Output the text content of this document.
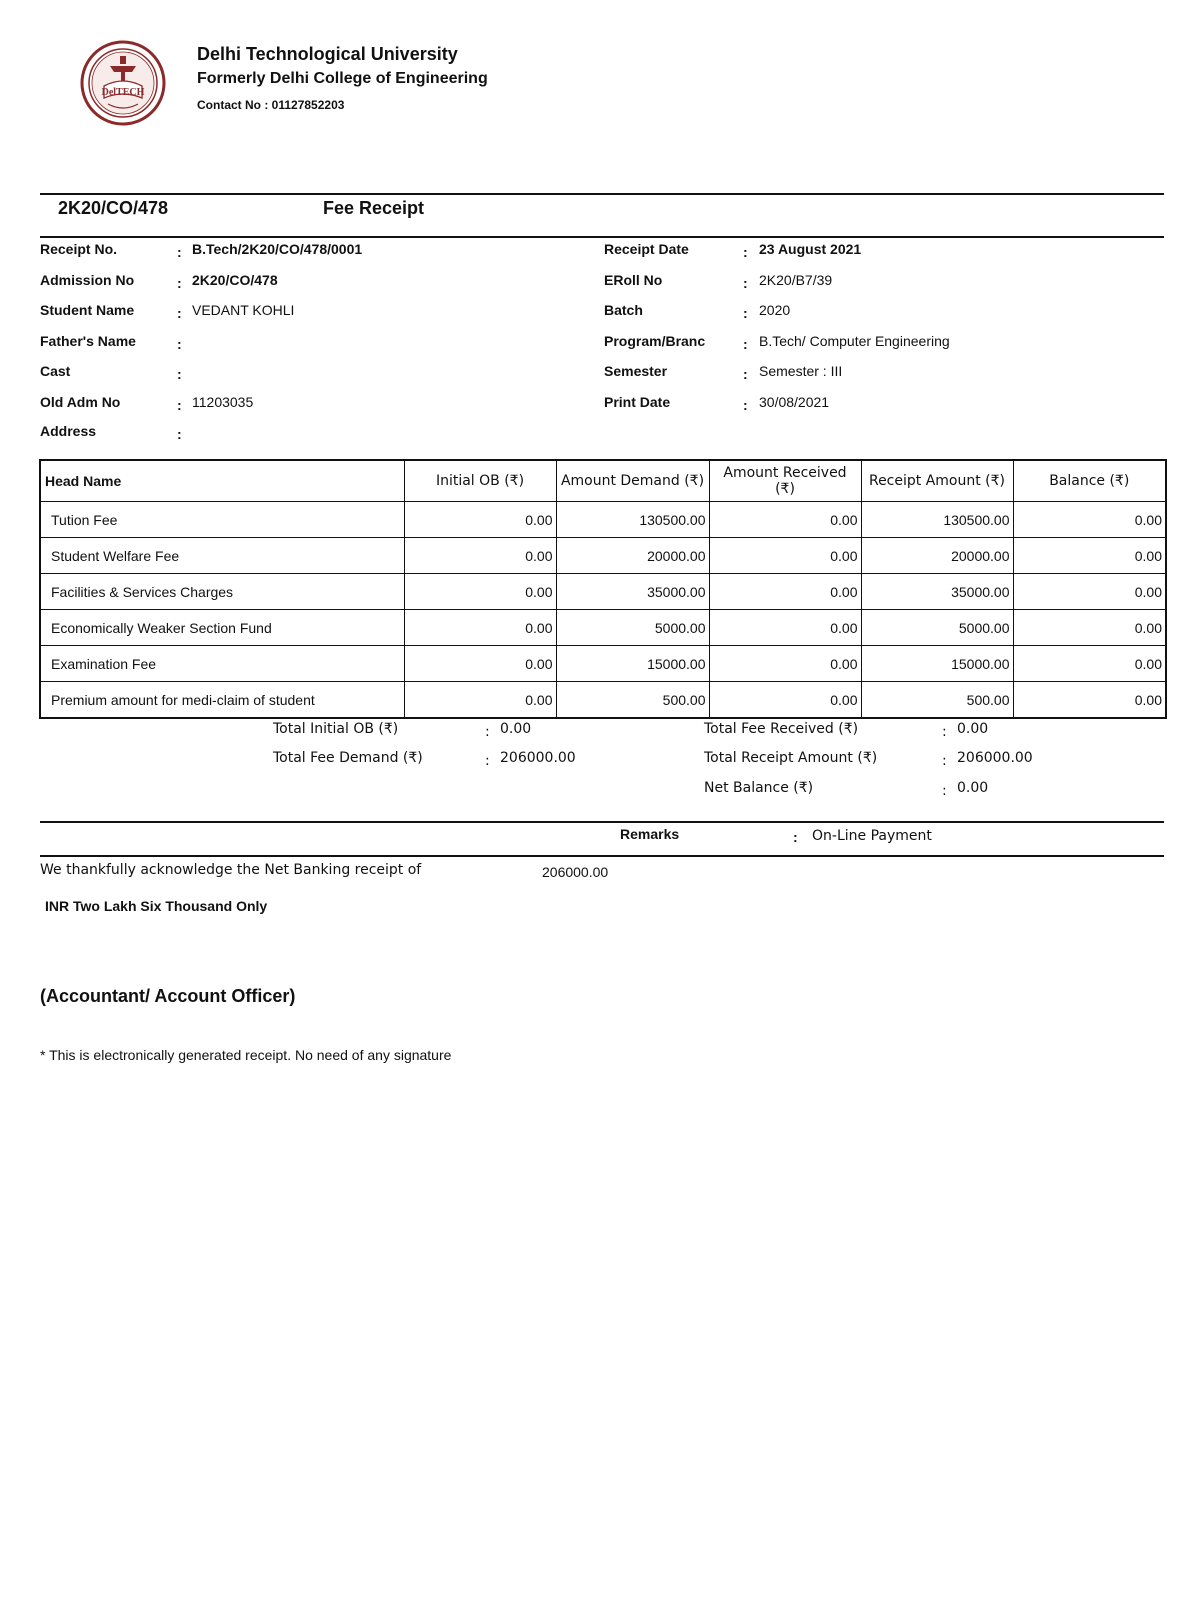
DelTECH
Delhi Technological University
Formerly Delhi College of Engineering
Contact No : 01127852203
2K20/CO/478	Fee Receipt
Receipt No.	: B.Tech/2K20/CO/478/0001
Admission No	: 2K20/CO/478
Student Name	: VEDANT KOHLI
Father's Name	:
Cast	:
Old Adm No	: 11203035
Address	:
Receipt Date	: 23 August 2021
ERoll No	: 2K20/B7/39
Batch	: 2020
Program/Branc	: B.Tech/ Computer Engineering
Semester	: Semester : III
Print Date	: 30/08/2021
Head Name	Initial OB (₹)	Amount Demand (₹)	Amount Received (₹)	Receipt Amount (₹)	Balance (₹)
Tution Fee	0.00	130500.00	0.00	130500.00	0.00
Student Welfare Fee	0.00	20000.00	0.00	20000.00	0.00
Facilities & Services Charges	0.00	35000.00	0.00	35000.00	0.00
Economically Weaker Section Fund	0.00	5000.00	0.00	5000.00	0.00
Examination Fee	0.00	15000.00	0.00	15000.00	0.00
Premium amount for medi-claim of student	0.00	500.00	0.00	500.00	0.00
Total Initial OB (₹)	: 0.00
Total Fee Demand (₹)	: 206000.00
Total Fee Received (₹)	: 0.00
Total Receipt Amount (₹)	: 206000.00
Net Balance (₹)	: 0.00
Remarks	: On-Line Payment
We thankfully acknowledge the Net Banking receipt of	206000.00
INR Two Lakh Six Thousand Only
(Accountant/ Account Officer)
* This is electronically generated receipt. No need of any signature
